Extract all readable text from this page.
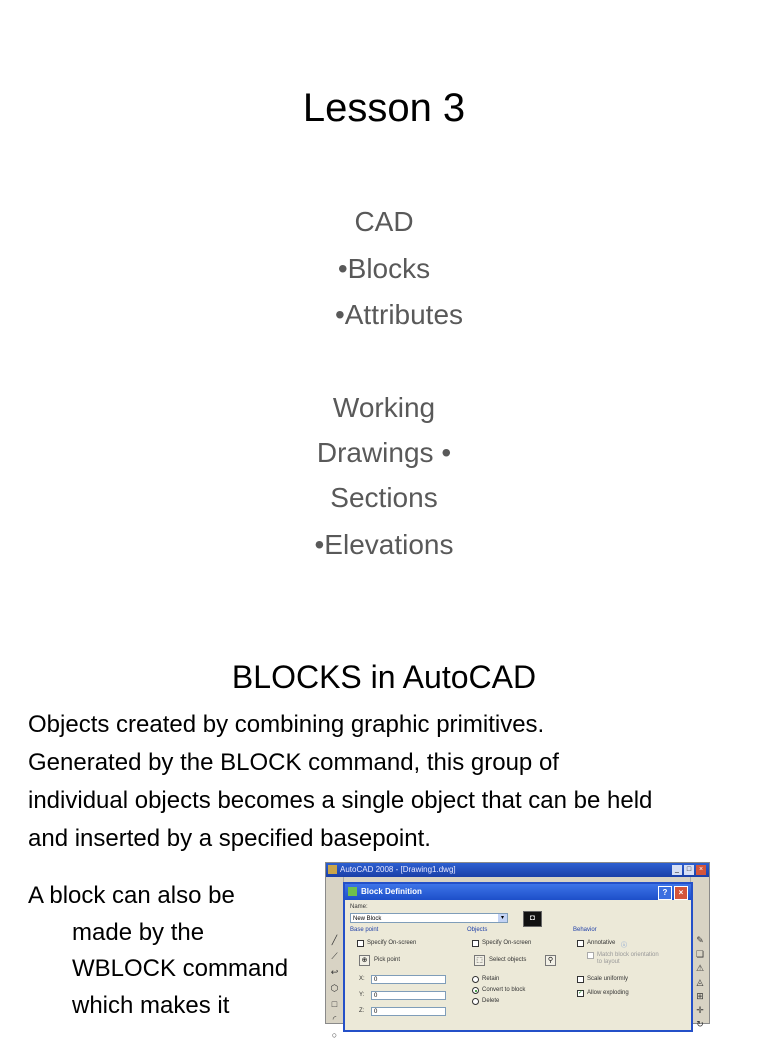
Lesson 3
CAD
•Blocks
•Attributes
Working
Drawings •
Sections
•Elevations
BLOCKS in AutoCAD
Objects created by combining graphic primitives.
Generated by the BLOCK command, this group of
individual objects becomes a single object that can be held
and inserted by a specified basepoint.
A block can also be
made by the
WBLOCK command
which makes it
AutoCAD 2008 - [Drawing1.dwg]	_	□	×
╱
⟋
↩
⬡
□
◜
○
✎
❏
⚠
◬
⊞
✛
↻
Block Definition	?	×
Name:
New Block	▾	◘
Base point	Objects	Behavior
Specify On-screen
⊕	Pick point
Specify On-screen
⬚	Select objects	⚲
Annotative ⓘ
Match block orientation
to layout
X:	0
Y:	0
Z:	0
Retain
Convert to block
Delete
Scale uniformly
✓ Allow exploding
